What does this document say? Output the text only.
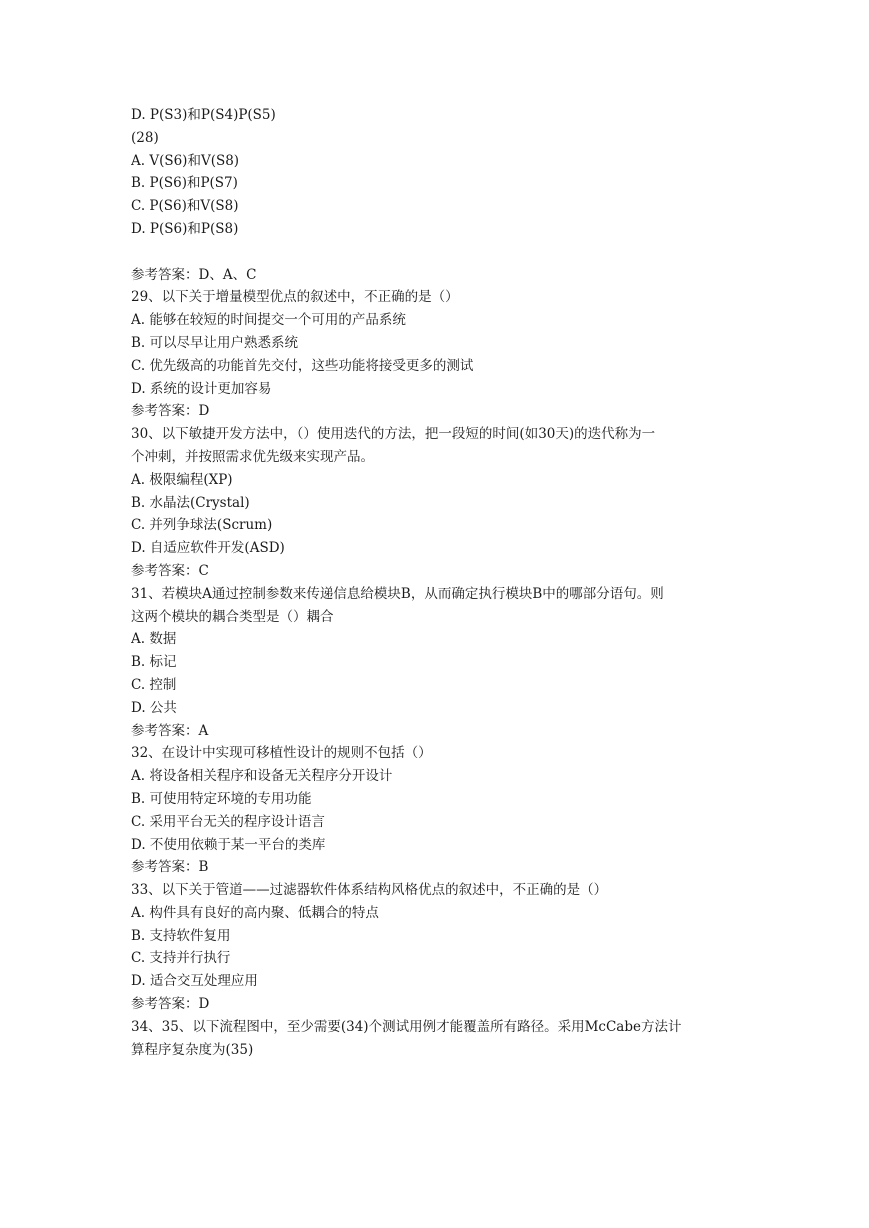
D. P(S3)和P(S4)P(S5)
(28)
A. V(S6)和V(S8)
B. P(S6)和P(S7)
C. P(S6)和V(S8)
D. P(S6)和P(S8)
参考答案：D、A、C
29、以下关于增量模型优点的叙述中，不正确的是（）
A. 能够在较短的时间提交一个可用的产品系统
B. 可以尽早让用户熟悉系统
C. 优先级高的功能首先交付，这些功能将接受更多的测试
D. 系统的设计更加容易
参考答案：D
30、以下敏捷开发方法中，（）使用迭代的方法，把一段短的时间(如30天)的迭代称为一
个冲刺，并按照需求优先级来实现产品。
A. 极限编程(XP)
B. 水晶法(Crystal)
C. 并列争球法(Scrum)
D. 自适应软件开发(ASD)
参考答案：C
31、若模块A通过控制参数来传递信息给模块B，从而确定执行模块B中的哪部分语句。则
这两个模块的耦合类型是（）耦合
A. 数据
B. 标记
C. 控制
D. 公共
参考答案：A
32、在设计中实现可移植性设计的规则不包括（）
A. 将设备相关程序和设备无关程序分开设计
B. 可使用特定环境的专用功能
C. 采用平台无关的程序设计语言
D. 不使用依赖于某一平台的类库
参考答案：B
33、以下关于管道——过滤器软件体系结构风格优点的叙述中，不正确的是（）
A. 构件具有良好的高内聚、低耦合的特点
B. 支持软件复用
C. 支持并行执行
D. 适合交互处理应用
参考答案：D
34、35、以下流程图中，至少需要(34)个测试用例才能覆盖所有路径。采用McCabe方法计
算程序复杂度为(35)
